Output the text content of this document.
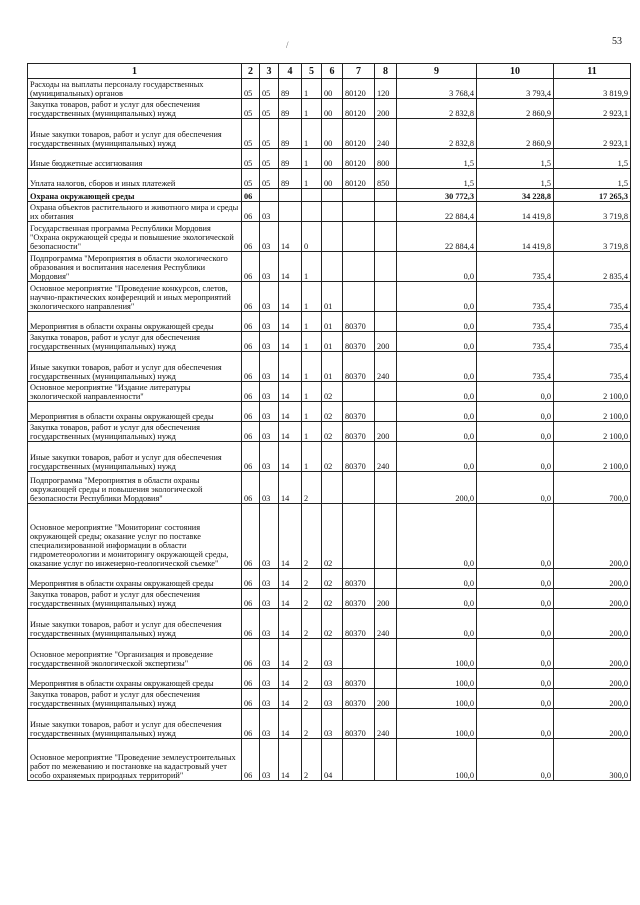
53
/
1	2	3	4	5	6	7	8	9	10	11
Расходы на выплаты персоналу государственных (муниципальных) органов	05	05	89	1	00	80120	120	3 768,4	3 793,4	3 819,9
Закупка товаров, работ и услуг для обеспечения государственных (муниципальных) нужд	05	05	89	1	00	80120	200	2 832,8	2 860,9	2 923,1
Иные закупки товаров, работ и услуг для обеспечения государственных (муниципальных) нужд	05	05	89	1	00	80120	240	2 832,8	2 860,9	2 923,1
Иные бюджетные ассигнования	05	05	89	1	00	80120	800	1,5	1,5	1,5
Уплата налогов, сборов и иных платежей	05	05	89	1	00	80120	850	1,5	1,5	1,5
Охрана окружающей среды	06							30 772,3	34 228,8	17 265,3
Охрана объектов растительного и животного мира и среды их обитания	06	03						22 884,4	14 419,8	3 719,8
Государственная программа Республики Мордовия "Охрана окружающей среды и повышение экологической безопасности"	06	03	14	0				22 884,4	14 419,8	3 719,8
Подпрограмма "Мероприятия в области экологического образования и воспитания населения Республики Мордовия"	06	03	14	1				0,0	735,4	2 835,4
Основное мероприятие "Проведение конкурсов, слетов, научно-практических конференций и иных мероприятий экологического направления"	06	03	14	1	01			0,0	735,4	735,4
Мероприятия в области охраны окружающей среды	06	03	14	1	01	80370		0,0	735,4	735,4
Закупка товаров, работ и услуг для обеспечения государственных (муниципальных) нужд	06	03	14	1	01	80370	200	0,0	735,4	735,4
Иные закупки товаров, работ и услуг для обеспечения государственных (муниципальных) нужд	06	03	14	1	01	80370	240	0,0	735,4	735,4
Основное мероприятие "Издание литературы экологической направленности"	06	03	14	1	02			0,0	0,0	2 100,0
Мероприятия в области охраны окружающей среды	06	03	14	1	02	80370		0,0	0,0	2 100,0
Закупка товаров, работ и услуг для обеспечения государственных (муниципальных) нужд	06	03	14	1	02	80370	200	0,0	0,0	2 100,0
Иные закупки товаров, работ и услуг для обеспечения государственных (муниципальных) нужд	06	03	14	1	02	80370	240	0,0	0,0	2 100,0
Подпрограмма "Мероприятия в области охраны окружающей среды и повышения экологической безопасности Республики Мордовия"	06	03	14	2				200,0	0,0	700,0
Основное мероприятие "Мониторинг состояния окружающей среды; оказание услуг по поставке специализированной информации в области гидрометеорологии и мониторингу окружающей среды, оказание услуг по инженерно-геологической съемке"	06	03	14	2	02			0,0	0,0	200,0
Мероприятия в области охраны окружающей среды	06	03	14	2	02	80370		0,0	0,0	200,0
Закупка товаров, работ и услуг для обеспечения государственных (муниципальных) нужд	06	03	14	2	02	80370	200	0,0	0,0	200,0
Иные закупки товаров, работ и услуг для обеспечения государственных (муниципальных) нужд	06	03	14	2	02	80370	240	0,0	0,0	200,0
Основное мероприятие "Организация и проведение государственной экологической экспертизы"	06	03	14	2	03			100,0	0,0	200,0
Мероприятия в области охраны окружающей среды	06	03	14	2	03	80370		100,0	0,0	200,0
Закупка товаров, работ и услуг для обеспечения государственных (муниципальных) нужд	06	03	14	2	03	80370	200	100,0	0,0	200,0
Иные закупки товаров, работ и услуг для обеспечения государственных (муниципальных) нужд	06	03	14	2	03	80370	240	100,0	0,0	200,0
Основное мероприятие "Проведение землеустроительных работ по межеванию и постановке на кадастровый учет особо охраняемых природных территорий"	06	03	14	2	04			100,0	0,0	300,0
